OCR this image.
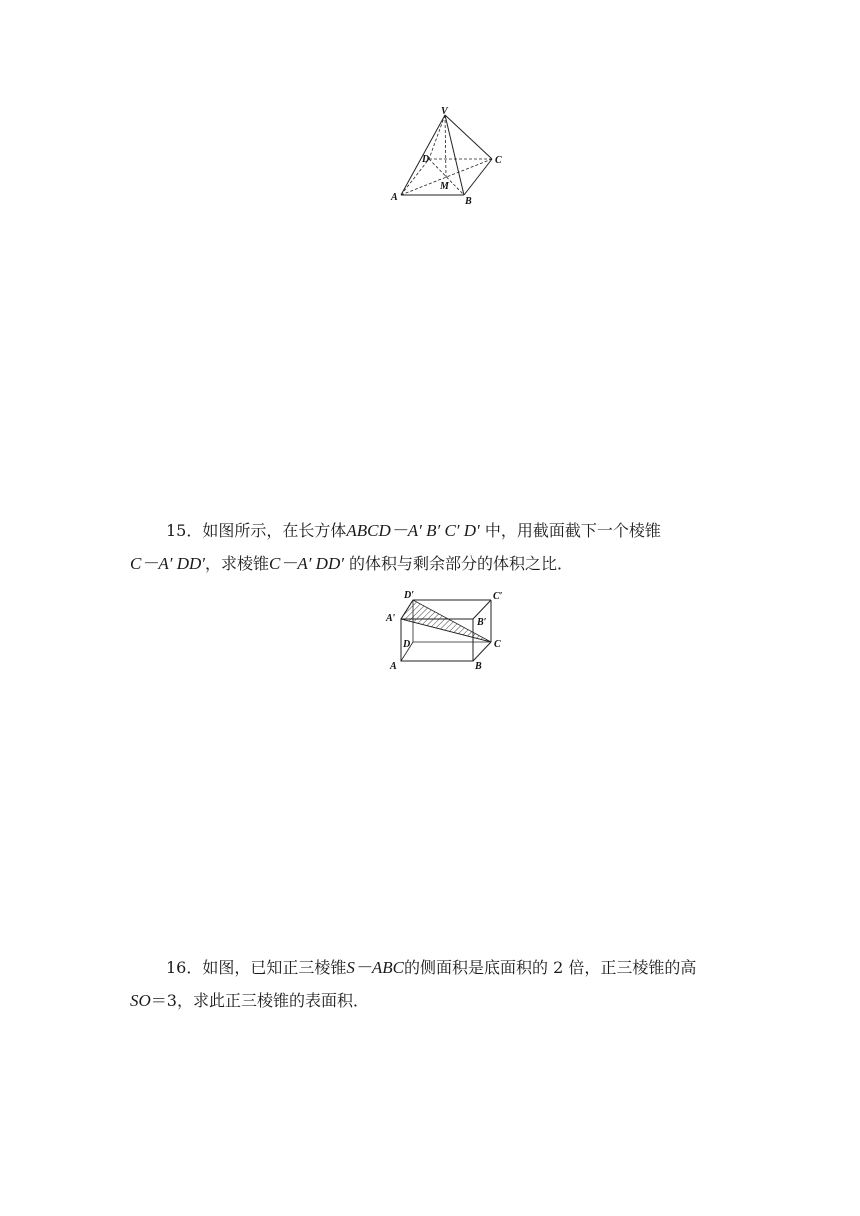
V
D	C
A
M
B
15．如图所示，在长方体ABCD－A′ B′ C′ D′ 中，用截面截下一个棱锥
C－A′ DD′，求棱锥C－A′ DD′ 的体积与剩余部分的体积之比．
D′	C′
A′	B′
D	C
A	B
16．如图，已知正三棱锥S－ABC的侧面积是底面积的 2 倍，正三棱锥的高
SO＝3，求此正三棱锥的表面积．
